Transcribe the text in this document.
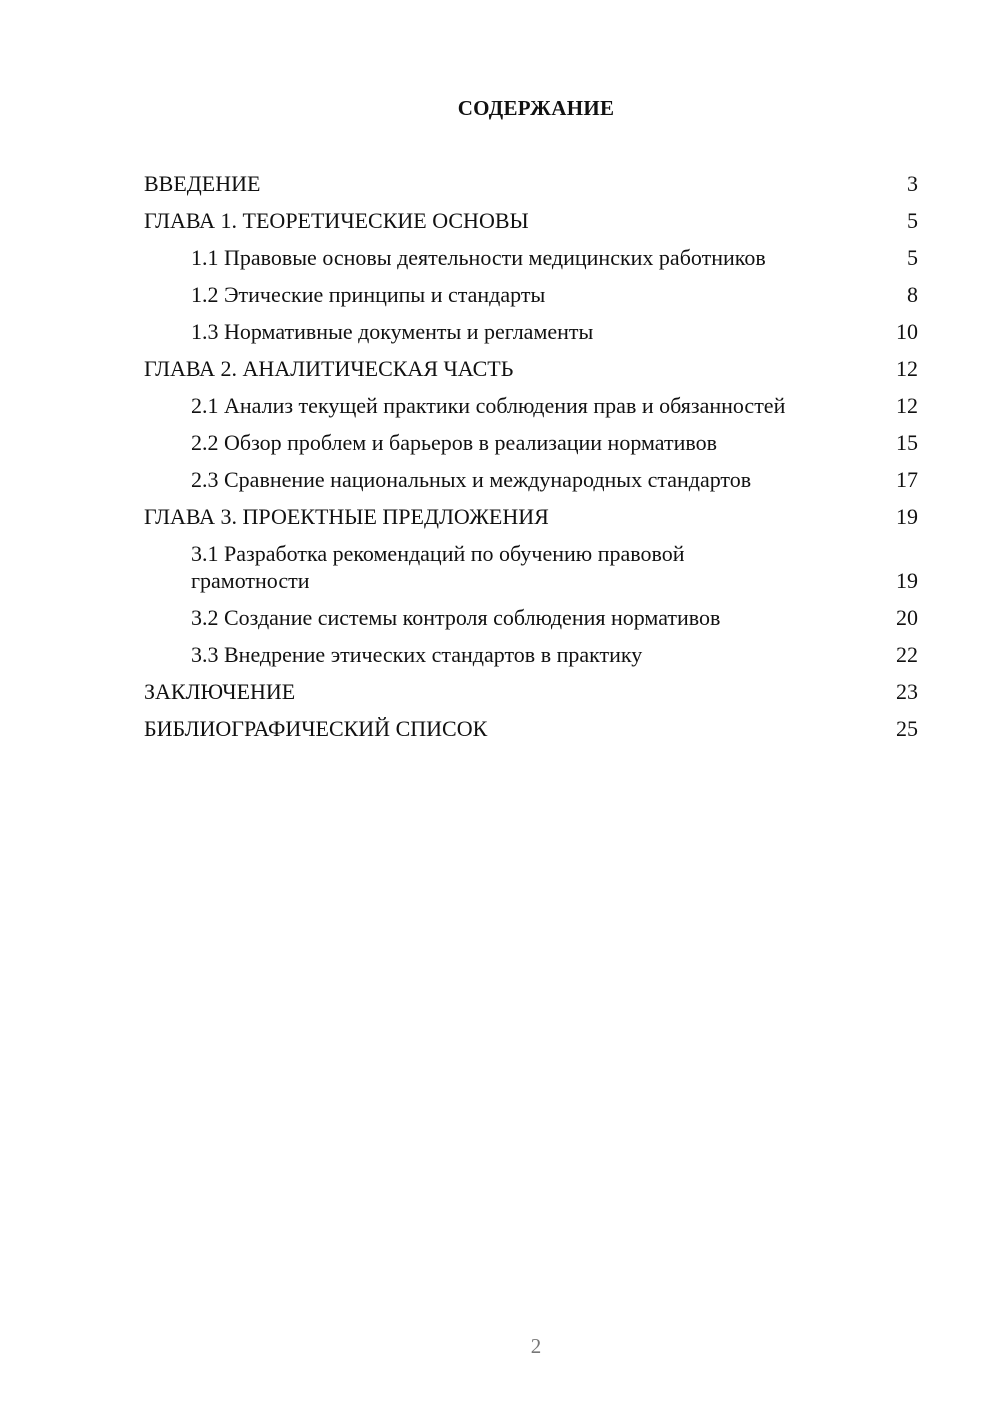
СОДЕРЖАНИЕ
ВВЕДЕНИЕ	3
ГЛАВА 1. ТЕОРЕТИЧЕСКИЕ ОСНОВЫ	5
1.1 Правовые основы деятельности медицинских работников	5
1.2 Этические принципы и стандарты	8
1.3 Нормативные документы и регламенты	10
ГЛАВА 2. АНАЛИТИЧЕСКАЯ ЧАСТЬ	12
2.1 Анализ текущей практики соблюдения прав и обязанностей	12
2.2 Обзор проблем и барьеров в реализации нормативов	15
2.3 Сравнение национальных и международных стандартов	17
ГЛАВА 3. ПРОЕКТНЫЕ ПРЕДЛОЖЕНИЯ	19
3.1 Разработка рекомендаций по обучению правовой грамотности	19
3.2 Создание системы контроля соблюдения нормативов	20
3.3 Внедрение этических стандартов в практику	22
ЗАКЛЮЧЕНИЕ	23
БИБЛИОГРАФИЧЕСКИЙ СПИСОК	25
2
